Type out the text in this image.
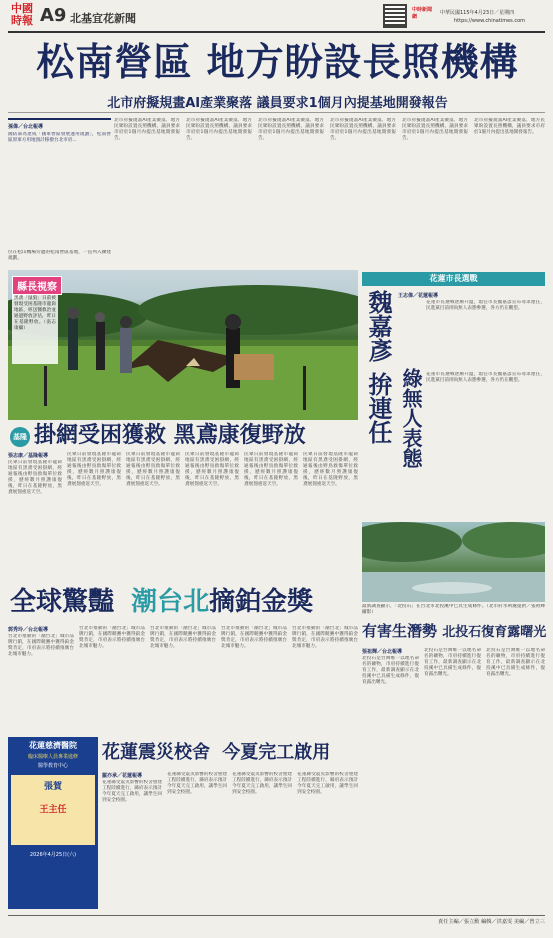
中國
時報 A9 北基宜花新聞
中時新聞網
中華民國115年4月23日／星期四
https://www.chinatimes.com
松南營區 地方盼設長照機構
北市府擬規畫AI產業聚落 議員要求1個月內提基地開發報告
孫偉／台北報導
國防部為達成「國軍營區發展運用規劃」，松南營區原軍方用地預計移撥台北市府...
北市府擬規畫AI產業聚落，地方民眾盼設置長照機構，議員要求市府於1個月內提出基地開發報告。
北市府擬規畫AI產業聚落，地方民眾盼設置長照機構，議員要求市府於1個月內提出基地開發報告。
北市府擬規畫AI產業聚落，地方民眾盼設置長照機構，議員要求市府於1個月內提出基地開發報告。
北市府擬規畫AI產業聚落，地方民眾盼設置長照機構，議員要求市府於1個月內提出基地開發報告。
北市府擬規畫AI產業聚落，地方民眾盼設置長照機構，議員要求市府於1個月內提出基地開發報告。
北市府擬規畫AI產業聚落，地方民眾盼設置長照機構，議員要求市府於1個月內提出基地開發報告。
位在松山機場旁邊的松南營區基地，一直列入擴建規劃。
縣長視察
黑鳶「鼠狼」日前被發現受困基隆市龍崗地區，經送醫救治並通過野放評估，昨日在基隆野放。（張志康攝）
基隆 掛網受困獲救 黑鳶康復野放
張志康／基隆報導
民眾日前發現基隆市龍崗地區有黑鳶受困掛網，經通報後由野鳥救傷單位救援，歷經數月照護康復後，昨日在基隆野放，黑鳶展翅重返天空。
民眾日前發現基隆市龍崗地區有黑鳶受困掛網，經通報後由野鳥救傷單位救援，歷經數月照護康復後，昨日在基隆野放，黑鳶展翅重返天空。
民眾日前發現基隆市龍崗地區有黑鳶受困掛網，經通報後由野鳥救傷單位救援，歷經數月照護康復後，昨日在基隆野放，黑鳶展翅重返天空。
民眾日前發現基隆市龍崗地區有黑鳶受困掛網，經通報後由野鳥救傷單位救援，歷經數月照護康復後，昨日在基隆野放，黑鳶展翅重返天空。
民眾日前發現基隆市龍崗地區有黑鳶受困掛網，經通報後由野鳥救傷單位救援，歷經數月照護康復後，昨日在基隆野放，黑鳶展翅重返天空。
民眾日前發現基隆市龍崗地區有黑鳶受困掛網，經通報後由野鳥救傷單位救援，歷經數月照護康復後，昨日在基隆野放，黑鳶展翅重返天空。
全球驚豔 潮台北摘鉑金獎
郭秀玲／台北報導
台北市推動的「潮台北」城市品牌行銷，在國際競賽中獲得鉑金獎肯定，市府表示將持續推廣台北城市魅力。
台北市推動的「潮台北」城市品牌行銷，在國際競賽中獲得鉑金獎肯定，市府表示將持續推廣台北城市魅力。
台北市推動的「潮台北」城市品牌行銷，在國際競賽中獲得鉑金獎肯定，市府表示將持續推廣台北城市魅力。
台北市推動的「潮台北」城市品牌行銷，在國際競賽中獲得鉑金獎肯定，市府表示將持續推廣台北城市魅力。
台北市推動的「潮台北」城市品牌行銷，在國際競賽中獲得鉑金獎肯定，市府表示將持續推廣台北城市魅力。
花蓮慈濟醫院
臨床醫療人員專業進修
醫學教育中心
張賀
王主任
2026年4月25日(六)
花蓮震災校舍 今夏完工啟用
羅亦承／花蓮報導
花蓮縣受震災影響的校舍重建工程陸續進行，縣府表示預計今年夏天完工啟用，讓學生回到安全校園。
花蓮縣受震災影響的校舍重建工程陸續進行，縣府表示預計今年夏天完工啟用，讓學生回到安全校園。
花蓮縣受震災影響的校舍重建工程陸續進行，縣府表示預計今年夏天完工啟用，讓學生回到安全校園。
花蓮縣受震災影響的校舍重建工程陸續進行，縣府表示預計今年夏天完工啟用，讓學生回到安全校園。
花蓮市長選戰
魏嘉彥
拚連任 綠無人表態
王志偉／花蓮報導
花蓮市長選戰逐漸升溫，現任市長魏嘉彥宣布尋求連任，民進黨目前則尚無人表態參選，各方仍在觀望。
花蓮市長選戰逐漸升溫，現任市長魏嘉彥宣布尋求連任，民進黨目前則尚無人表態參選，各方仍在觀望。
最新調查顯示，「北投石」在台北市北投溪中已具生成條件。（北市府水利處提供／張祖輝攝影）
有害生潛勢 北投石復育露曙光
張祖輝／台北報導
北投石是台灣唯一以地名命名的礦物，市府持續進行復育工作，最新調查顯示在北投溪中已具備生成條件，復育露出曙光。
北投石是台灣唯一以地名命名的礦物，市府持續進行復育工作，最新調查顯示在北投溪中已具備生成條件，復育露出曙光。
北投石是台灣唯一以地名命名的礦物，市府持續進行復育工作，最新調查顯示在北投溪中已具備生成條件，復育露出曙光。
責任主編／張立勳 編輯／洪嘉雯 美編／曾立三
